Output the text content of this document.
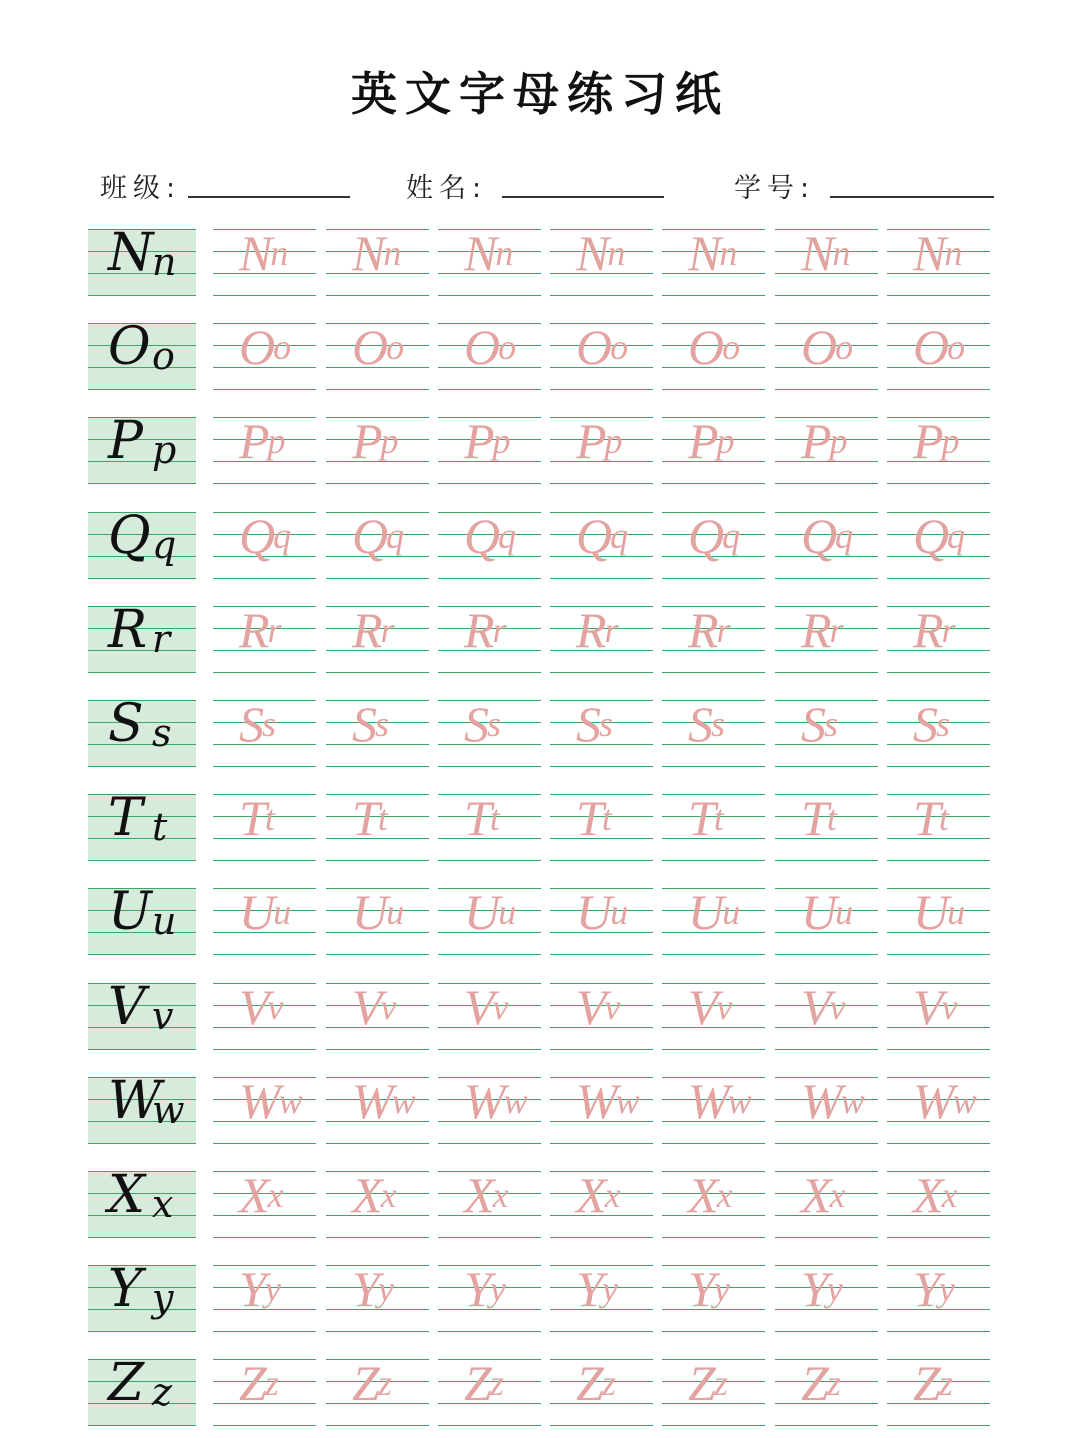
英文字母练习纸
班级:	姓名:	学号:
N
n Nn Nn Nn Nn Nn Nn Nn
O o Oo Oo Oo Oo Oo Oo Oo
P p Pp Pp Pp Pp Pp Pp Pp
Q q Qq Qq Qq Qq Qq Qq Qq
R r Rr Rr Rr Rr Rr Rr Rr
S s Ss Ss Ss Ss Ss Ss Ss
T t Tt Tt Tt Tt Tt Tt Tt
U u Uu Uu Uu Uu Uu Uu Uu
V v Vv Vv Vv Vv Vv Vv Vv
W
w Ww Ww Ww Ww Ww Ww Ww
X x Xx Xx Xx Xx Xx Xx Xx
Y y Yy Yy Yy Yy Yy Yy Yy
Z z Zz Zz Zz Zz Zz Zz Zz
